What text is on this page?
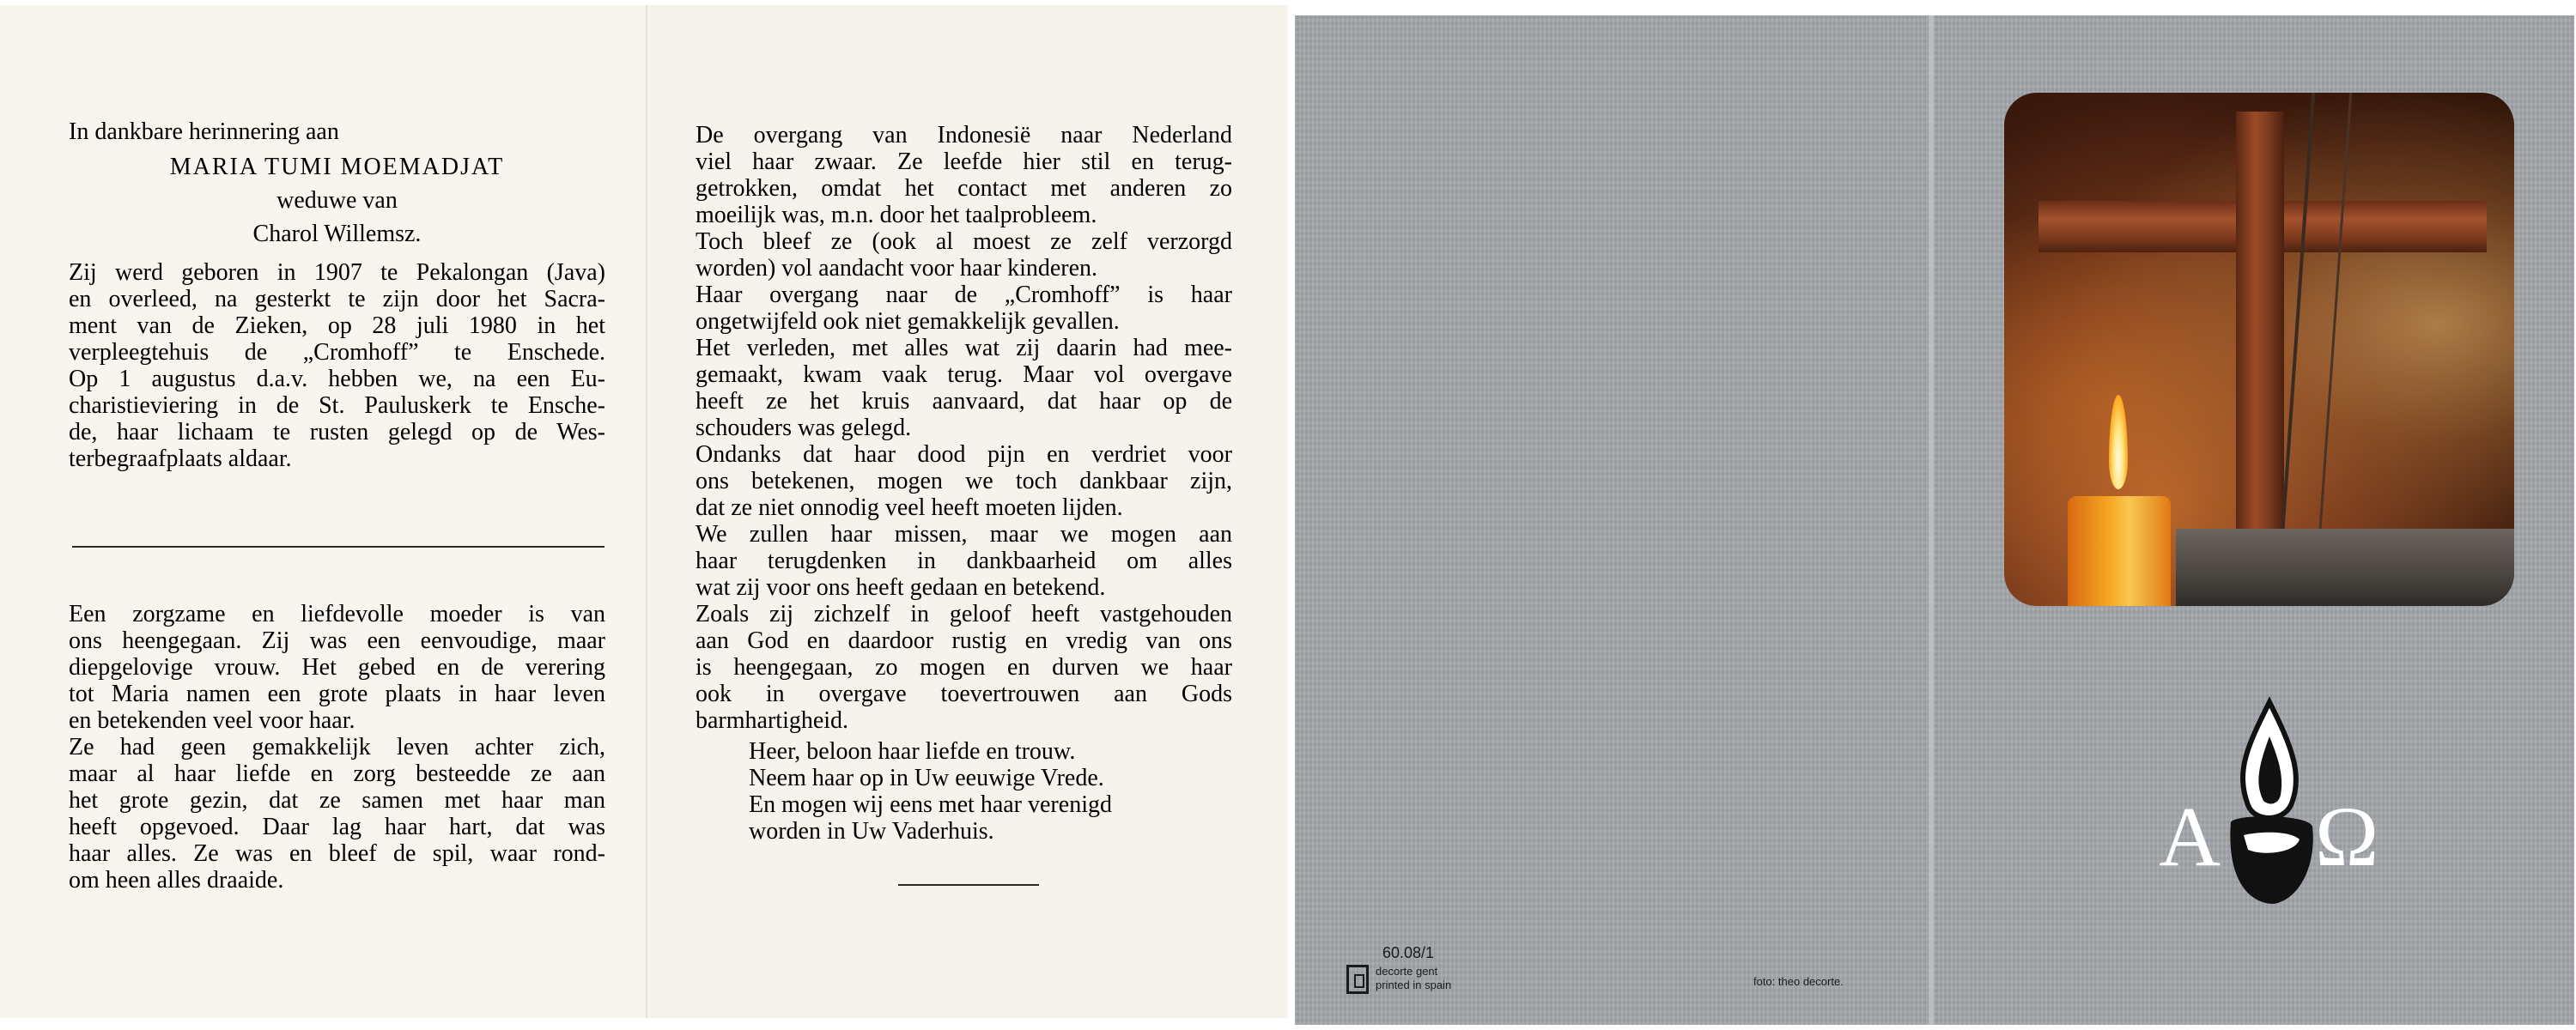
In dankbare herinnering aan
MARIA TUMI MOEMADJAT
weduwe van
Charol Willemsz.
Zij werd geboren in 1907 te Pekalongan (Java)
en overleed, na gesterkt te zijn door het Sacra-
ment van de Zieken, op 28 juli 1980 in het
verpleegtehuis de „Cromhoff” te Enschede.
Op 1 augustus d.a.v. hebben we, na een Eu-
charistieviering in de St. Pauluskerk te Ensche-
de, haar lichaam te rusten gelegd op de Wes-
terbegraafplaats aldaar.
Een zorgzame en liefdevolle moeder is van
ons heengegaan. Zij was een eenvoudige, maar
diepgelovige vrouw. Het gebed en de verering
tot Maria namen een grote plaats in haar leven
en betekenden veel voor haar.
Ze had geen gemakkelijk leven achter zich,
maar al haar liefde en zorg besteedde ze aan
het grote gezin, dat ze samen met haar man
heeft opgevoed. Daar lag haar hart, dat was
haar alles. Ze was en bleef de spil, waar rond-
om heen alles draaide.
De overgang van Indonesië naar Nederland
viel haar zwaar. Ze leefde hier stil en terug-
getrokken, omdat het contact met anderen zo
moeilijk was, m.n. door het taalprobleem.
Toch bleef ze (ook al moest ze zelf verzorgd
worden) vol aandacht voor haar kinderen.
Haar overgang naar de „Cromhoff” is haar
ongetwijfeld ook niet gemakkelijk gevallen.
Het verleden, met alles wat zij daarin had mee-
gemaakt, kwam vaak terug. Maar vol overgave
heeft ze het kruis aanvaard, dat haar op de
schouders was gelegd.
Ondanks dat haar dood pijn en verdriet voor
ons betekenen, mogen we toch dankbaar zijn,
dat ze niet onnodig veel heeft moeten lijden.
We zullen haar missen, maar we mogen aan
haar terugdenken in dankbaarheid om alles
wat zij voor ons heeft gedaan en betekend.
Zoals zij zichzelf in geloof heeft vastgehouden
aan God en daardoor rustig en vredig van ons
is heengegaan, zo mogen en durven we haar
ook in overgave toevertrouwen aan Gods
barmhartigheid.
Heer, beloon haar liefde en trouw.
Neem haar op in Uw eeuwige Vrede.
En mogen wij eens met haar verenigd
worden in Uw Vaderhuis.	A Ω
60.08/1
decorte gent
printed in spain	foto: theo decorte.
